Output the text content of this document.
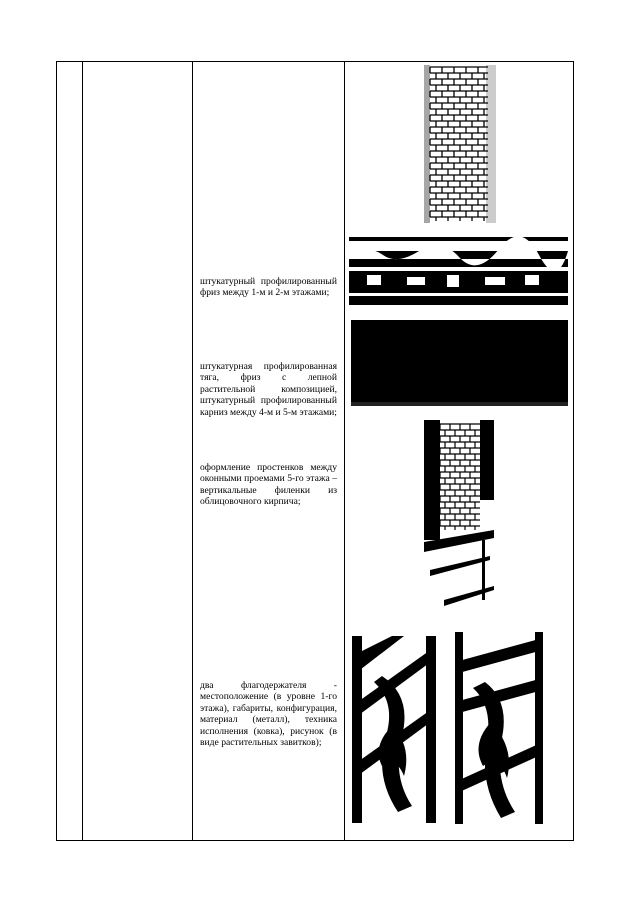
штукатурный профилированный фриз между 1-м и 2-м этажами;
штукатурная профилированная тяга, фриз с лепной растительной композицией, штукатурный профилированный карниз между 4-м и 5-м этажами;
оформление простенков между оконными проемами 5-го этажа – вертикальные филенки из облицовочного кирпича;
два флагодержателя - местоположение (в уровне 1-го этажа), габариты, конфигурация, материал (металл), техника исполнения (ковка), рисунок (в виде растительных завитков);
